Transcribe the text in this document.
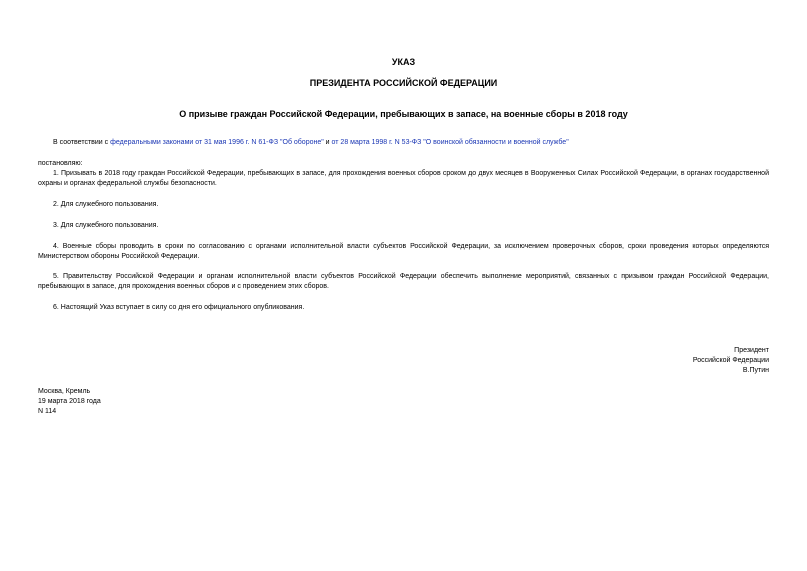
УКАЗ
ПРЕЗИДЕНТА РОССИЙСКОЙ ФЕДЕРАЦИИ
О призыве граждан Российской Федерации, пребывающих в запасе, на военные сборы в 2018 году
В соответствии с федеральными законами от 31 мая 1996 г. N 61-ФЗ "Об обороне" и от 28 марта 1998 г. N 53-ФЗ "О воинской обязанности и военной службе"
постановляю:
1. Призывать в 2018 году граждан Российской Федерации, пребывающих в запасе, для прохождения военных сборов сроком до двух месяцев в Вооруженных Силах Российской Федерации, в органах государственной охраны и органах федеральной службы безопасности.
2. Для служебного пользования.
3. Для служебного пользования.
4. Военные сборы проводить в сроки по согласованию с органами исполнительной власти субъектов Российской Федерации, за исключением проверочных сборов, сроки проведения которых определяются Министерством обороны Российской Федерации.
5. Правительству Российской Федерации и органам исполнительной власти субъектов Российской Федерации обеспечить выполнение мероприятий, связанных с призывом граждан Российской Федерации, пребывающих в запасе, для прохождения военных сборов и с проведением этих сборов.
6. Настоящий Указ вступает в силу со дня его официального опубликования.
Президент
Российской Федерации
В.Путин
Москва, Кремль
19 марта 2018 года
N 114
